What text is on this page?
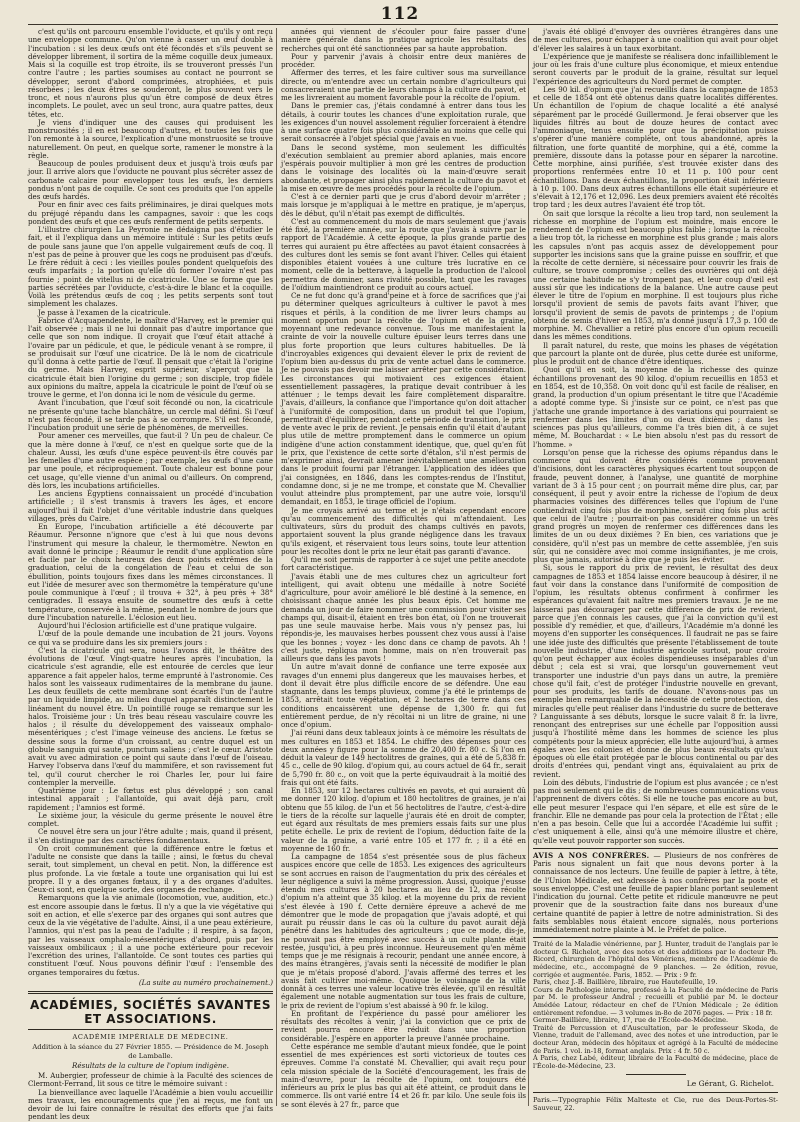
112

c'est qu'ils ont parcouru ensemble l'oviducte, et qu'ils y ont reçu une enveloppe commune. Qu'on vienne à casser un œuf double à l'incubation : si les deux œufs ont été fécondés et s'ils peuvent se développer librement, il sortira de la même coquille deux jumeaux. Mais si la coquille est trop étroite, ils se trouveront pressés l'un contre l'autre ; les parties soumises au contact ne pourront se développer, seront d'abord comprimées, atrophiées, et puis résorbées ; les deux êtres se souderont, le plus souvent vers le tronc, et nous n'aurons plus qu'un être composé de deux êtres incomplets. Le poulet, avec un seul tronc, aura quatre pattes, deux têtes, etc.

Je viens d'indiquer une des causes qui produisent les monstruosités ; il en est beaucoup d'autres, et toutes les fois que l'on remonte à la source, l'explication d'une monstruosité se trouve naturellement. On peut, en quelque sorte, ramener le monstre à la règle.

Beaucoup de poules produisent deux et jusqu'à trois œufs par jour. Il arrive alors que l'oviducte ne pouvant plus sécréter assez de carbonate calcaire pour envelopper tous les œufs, les derniers pondus n'ont pas de coquille. Ce sont ces produits que l'on appelle des œufs hardés.

Pour en finir avec ces faits préliminaires, je dirai quelques mots du préjugé répandu dans les campagnes, savoir : que les coqs pondent des œufs et que ces œufs renferment de petits serpents.

L'illustre chirurgien La Peyronie ne dédaigna pas d'étudier le fait, et il l'expliqua dans un mémoire intitulé : Sur les petits œufs de poule sans jaune que l'on appelle vulgairement œufs de coq. Il n'est pas de peine à prouver que les coqs ne produisent pas d'œufs. Le frère réduit à ceci : les vieilles poules pondent quelquefois des œufs imparfaits ; la portion qu'elle dû former l'ovaire n'est pas fournie ; point de vitellus ni de cicatricule. Une se forme que les parties sécrétées par l'oviducte, c'est-à-dire le blanc et la coquille. Voilà les prétendus œufs de coq ; les petits serpents sont tout simplement les chalazes.

Je passe à l'examen de la cicatricule.

Fabrice d'Acquapendente, le maître d'Harvey, est le premier qui l'ait observée ; mais il ne lui donnait pas d'autre importance que celle que son nom indique. Il croyait que l'œuf était attaché à l'ovaire par un pédicule, et que, le pédicule venant à se rompre, il se produisait sur l'œuf une cicatrice. De là le nom de cicatricule qu'il donna à cette partie de l'œuf. Il pensait que c'était là l'origine du germe. Mais Harvey, esprit supérieur, s'aperçut que la cicatricule était bien l'origine du germe ; son disciple, trop fidèle aux opinions du maître, appela la cicatricule le point de l'œuf où se trouve le germe, et l'on donna ici le nom de vésicule du germe.

Avant l'incubation, que l'œuf soit fécondé ou non, la cicatricule ne présente qu'une tache blanchâtre, un cercle mal défini. Si l'œuf n'est pas fécondé, il se tarde pas à se corrompre. S'il est fécondé, l'incubation produit une série de phénomènes, de merveilles.

Pour amener ces merveilles, que faut-il ? Un peu de chaleur. Ce que la mère donne à l'œuf, ce n'est en quelque sorte que de la chaleur. Aussi, les œufs d'une espèce peuvent-ils être couvés par les femelles d'une autre espèce ; par exemple, les œufs d'une cane par une poule, et réciproquement. Toute chaleur est bonne pour cet usage, qu'elle vienne d'un animal ou d'ailleurs. On comprend, dès lors, les incubations artificielles.

Les anciens Égyptiens connaissaient un procédé d'incubation artificielle ; il s'est transmis à travers les âges, et encore aujourd'hui il fait l'objet d'une véritable industrie dans quelques villages, près du Caire.

En Europe, l'incubation artificielle a été découverte par Réaumur. Personne n'ignore que c'est à lui que nous devons l'instrument qui mesure la chaleur, le thermomètre. Newton en avait donné le principe ; Réaumur le rendit d'une application sûre et facile par le choix heureux des deux points extrêmes de la graduation, celui de la congélation de l'eau et celui de son ébullition, points toujours fixes dans les mêmes circonstances. Il eut l'idée de mesurer avec son thermomètre la température qu'une poule communique à l'œuf ; il trouva + 32°, à peu près + 38° centigrades. Il essaya ensuite de soumettre des œufs à cette température, conservée à la même, pendant le nombre de jours que dure l'incubation naturelle. L'éclosion eut lieu.

Aujourd'hui l'éclosion artificielle est d'une pratique vulgaire.

L'œuf de la poule demande une incubation de 21 jours. Voyons ce qui va se produire dans les six premiers jours :

C'est la cicatricule qui sera, nous l'avons dit, le théâtre des évolutions de l'œuf. Vingt-quatre heures après l'incubation, la cicatricule s'est agrandie, elle est entourée de cercles que leur apparence a fait appeler halos, terme emprunté à l'astronomie. Ces halos sont les vaisseaux rudimentaires de la membrane du jaune. Les deux feuillets de cette membrane sont écartés l'un de l'autre par un liquide limpide, au milieu duquel apparaît distinctement le linéament du nouvel être. Un pointillé rouge se remarque sur les halos. Troisième jour : Un très beau réseau vasculaire couvre les halos ; il résulte du développement des vaisseaux omphalo-mésentériques ; c'est l'image veineuse des anciens. Le fœtus se dessine sous la forme d'un croissant, au centre duquel est un globule sanguin qui saute, punctum saliens ; c'est le cœur. Aristote avait vu avec admiration ce point qui saute dans l'œuf de l'oiseau. Harvey l'observa dans l'œuf du mammifère, et son ravissement fut tel, qu'il courut chercher le roi Charles Ier, pour lui faire contempler la merveille.

Quatrième jour : Le fœtus est plus développé ; son canal intestinal apparaît ; l'allantoïde, qui avait déjà paru, croît rapidement ; l'amnios est formé.

Le sixième jour, la vésicule du germe présente le nouvel être complet.

Ce nouvel être sera un jour l'être adulte ; mais, quand il présent, il s'en distingue par des caractères fondamentaux.

On croit communément que la différence entre le fœtus et l'adulte ne consiste que dans la taille ; ainsi, le fœtus du cheval serait, tout simplement, un cheval en petit. Non, la différence est plus profonde. La vie fœtale a toute une organisation qui lui est propre. Il y a des organes fœtaux, il y a des organes d'adultes. Ceux-ci sont, en quelque sorte, des organes de rechange.

Remarquons que la vie animale (locomotion, vue, audition, etc.) est encore assoupie dans le fœtus. Il n'y a que la vie végétative qui soit en action, et elle s'exerce par des organes qui sont autres que ceux de la vie végétative de l'adulte. Ainsi, il a une peau extérieure, l'amnios, qui n'est pas la peau de l'adulte ; il respire, à sa façon, par les vaisseaux omphalo-mésentériques d'abord, puis par les vaisseaux ombilicaux ; il a une poche extérieure pour recevoir l'excrétion des urines, l'allantoïde. Ce sont toutes ces parties qui constituent l'œuf. Nous pouvons définir l'œuf : l'ensemble des organes temporaires du fœtus.

(La suite au numéro prochainement.)
ACADÉMIES, SOCIÉTÉS SAVANTES ET ASSOCIATIONS.
ACADÉMIE IMPÉRIALE DE MÉDECINE.
Addition à la séance du 27 Février 1855. — Présidence de M. Joseph de Lamballe.
Résultats de la culture de l'opium indigène.

M. Aubergier, professeur de chimie à la Faculté des sciences de Clermont-Ferrand, lit sous ce titre le mémoire suivant :

La bienveillance avec laquelle l'Académie a bien voulu accueillir mes travaux, les encouragements que j'en ai reçus, me font un devoir de lui faire connaître le résultat des efforts que j'ai faits pendant les deux

années qui viennent de s'écouler pour faire passer d'une manière générale dans la pratique agricole les résultats des recherches qui ont été sanctionnées par sa haute approbation.

Pour y parvenir j'avais à choisir entre deux manières de procéder.

Affermer des terres, et les faire cultiver sous ma surveillance directe, ou m'entendre avec un certain nombre d'agriculteurs qui consacreraient une partie de leurs champs à la culture du pavot, et me les livreraient au moment favorable pour la récolte de l'opium.

Dans le premier cas, j'étais condamné à entrer dans tous les détails, à courir toutes les chances d'une exploitation rurale, que les exigences d'un nouvel assolement régulier forceraient à étendre à une surface quatre fois plus considérable au moins que celle qui serait consacrée à l'objet spécial que j'avais en vue.

Dans le second système, mon seulement les difficultés d'exécution semblaient au premier abord aplanies, mais encore j'espérais pouvoir multiplier à mon gré les centres de production dans le voisinage des localités où la main-d'œuvre serait abondante, et propager ainsi plus rapidement la culture du pavot et la mise en œuvre de mes procédés pour la récolte de l'opium.

C'est à ce dernier parti que je crus d'abord devoir m'arrêter ; mais lorsque je m'appliquai à le mettre en pratique, je m'aperçus, dès le début, qu'il n'était pas exempt de difficultés.

C'est au commencement du mois de mars seulement que j'avais été fixé, la première année, sur la route que j'avais à suivre par le rapport de l'Académie. À cette époque, la plus grande partie des terres qui auraient pu être affectées au pavot étaient consacrées à des cultures dont les semis se font avant l'hiver. Celles qui étaient disponibles étaient vouées à une culture très lucrative en ce moment, celle de la betterave, à laquelle la production de l'alcool permettra de dominer, sans rivalité possible, tant que les ravages de l'oïdium maintiendront ce produit au cours actuel.

Ce ne fut donc qu'à grand'peine et à force de sacrifices que j'ai pu déterminer quelques agriculteurs à cultiver le pavot à mes risques et périls, à la condition de me livrer leurs champs au moment opportun pour la récolte de l'opium et de la graine, moyennant une redevance convenue. Tous me manifestaient la crainte de voir la nouvelle culture épuiser leurs terres dans une plus forte proportion que leurs cultures habituelles. De là d'incroyables exigences qui devaient élever le prix de revient de l'opium bien au-dessus du prix de vente actuel dans le commerce. Je ne pouvais pas devoir me laisser arrêter par cette considération. Les circonstances qui motivaient ces exigences étaient essentiellement passagères, la pratique devait contribuer à les atténuer ; le temps devait les faire complètement disparaître. J'avais, d'ailleurs, la confiance que l'importance qu'on doit attacher à l'uniformité de composition, dans un produit tel que l'opium, permettrait d'équilibrer, pendant cette période de transition, le prix de vente avec le prix de revient. Je pensais enfin qu'il était d'autant plus utile de mettre promptement dans le commerce un opium indigène d'une action constamment identique, que, quel qu'en fût le prix, que l'existence de cette sorte d'étalon, s'il n'est permis de m'exprimer ainsi, devrait amener inévitablement une amélioration dans le produit fourni par l'étranger. L'application des idées que j'ai consignées, en 1846, dans les comptes-rendus de l'Institut, condamne donc, si je ne me trompe, et constate que M. Chevallier voulut atteindre plus promptement, par une autre voie, lorsqu'il demandait, en 1853, le tirage officiel de l'opium.

Je me croyais arrivé au terme et je n'étais cependant encore qu'au commencement des difficultés qui m'attendaient. Les cultivateurs, sûrs du produit des champs cultivés en pavots, apportaient souvent la plus grande négligence dans les travaux qu'ils exigent, et réservaient tous leurs soins, toute leur attention pour les récoltes dont le prix ne leur était pas garanti d'avance.

Qu'il me soit permis de rapporter à ce sujet une petite anecdote fort caractéristique.

J'avais établi une de mes cultures chez un agriculteur fort intelligent, qui avait obtenu une médaille à notre Société d'agriculture, pour avoir amélioré le blé destiné à la semence, en choisissant chaque année les plus beaux épis. Cet homme me demanda un jour de faire nommer une commission pour visiter ses champs qui, disait-il, étaient en très bon état, où l'on ne trouverait pas une seule mauvaise herbe. Mais vous n'y pensez pas, lui répondis-je, les mauvaises herbes poussent chez vous aussi à l'aise que les bonnes ; voyez - les donc dans ce champ de pavots. Ah ! c'est juste, répliqua mon homme, mais on n'en trouverait pas ailleurs que dans les pavots !

Un autre m'avait donné de confiance une terre exposée aux ravages d'un ennemi plus dangereux que les mauvaises herbes, et dont il devait être plus difficile encore de se défendre. Une eau stagnante, dans les temps pluvieux, comme j'a été le printemps de 1853, arrêtait toute végétation, et 2 hectares de terre dans ces conditions encaissèrent une dépense de 1,300 fr. qui fut entièrement perdue, de n'y récoltai ni un litre de graine, ni une once d'opium.

J'ai réuni dans deux tableaux joints à ce mémoire les résultats de mes cultures en 1853 et 1854. Le chiffre des dépenses pour ces deux années y figure pour la somme de 20,400 fr. 80 c. Si l'on en déduit la valeur de 149 hectolitres de graines, qui a été de 5,838 fr. 45 c., celle de 90 kilog. d'opium qui, au cours actuel de 64 fr., serait de 5,790 fr. 80 c., on voit que la perte équivaudrait à la moitié des frais qui ont été faits.

En 1853, sur 12 hectares cultivés en pavots, et qui auraient dû me donner 120 kilog. d'opium et 180 hectolitres de graines, je n'ai obtenu que 55 kilog. de l'un et 56 hectolitres de l'autre, c'est-à-dire le tiers de la récolte sur laquelle j'aurais été en droit de compter, eut égard aux résultats de mes premiers essais faits sur une plus petite échelle. Le prix de revient de l'opium, déduction faite de la valeur de la graine, a varié entre 105 et 177 fr. ; il a été en moyenne de 160 fr.

La campagne de 1854 s'est présentée sous de plus fâcheux auspices encore que celle de 1853. Les exigences des agriculteurs se sont accrues en raison de l'augmentation du prix des céréales et leur négligence a suivi la même progression. Aussi, quoique j'eusse étendu mes cultures à 20 hectares au lieu de 12, ma récolte d'opium n'a atteint que 35 kilog. et la moyenne du prix de revient s'est élevée à 190 f. Cette dernière épreuve a achevé de me démontrer que le mode de propagation que j'avais adopté, et qui aurait pu réussir dans le cas où la culture du pavot aurait déjà pénétré dans les habitudes des agriculteurs ; que ce mode, dis-je, ne pouvait pas être employé avec succès à un culte plante était restée, jusqu'ici, à peu près inconnue. Heureusement qu'en même temps que je me résignais à recourir, pendant une année encore, à des mains étrangères, j'avais senti la nécessité de modifier le plan que je m'étais proposé d'abord. J'avais affermé des terres et les avais fait cultiver moi-même. Quoique le voisinage de la ville donnât à ces terres une valeur locative très élevée, qu'il en résultât également une notable augmentation sur tous les frais de culture, le prix de revient de l'opium s'est abaissé à 90 fr. le kilog.

En profitant de l'expérience du passé pour améliorer les résultats des récoltes à venir, j'ai la conviction que ce prix de revient pourra encore être réduit dans une proportion considérable. J'espère en apporter la preuve l'année prochaine.

Cette espérance me semble d'autant mieux fondée, que le point essentiel de mes expériences est sorti victorieux de toutes ces épreuves. Comme l'a constaté M. Chevallier, qui avait reçu pour cela mission spéciale de la Société d'encouragement, les frais de main-d'œuvre, pour la récolte de l'opium, ont toujours été inférieurs au prix le plus bas qui ait été atteint, ce produit dans le commerce. Ils ont varié entre 14 et 26 fr. par kilo. Une seule fois ils se sont élevés à 27 fr., parce que

j'avais été obligé d'envoyer des ouvrières étrangères dans une de mes cultures, pour échapper à une coalition qui avait pour objet d'élever les salaires à un taux exorbitant.

L'expérience que je manifeste se réalisera donc infailliblement le jour où les frais d'une culture plus économique, et mieux entendue seront couverts par le produit de la graine, résultat sur lequel l'expérience des agriculteurs du Nord permet de compter.

Les 90 kil. d'opium que j'ai recueillis dans la campagne de 1853 et celle de 1854 ont été obtenus dans quatre localités différentes. Un échantillon de l'opium de chaque localité a été analysé séparément par le procédé Guillermond. Je ferai observer que les liquides filtrés au bout de douze heures de contact avec l'ammoniaque, tenus ensuite pour que la précipitation puisse s'opérer d'une manière complète, ont tous abandonné, après la filtration, une forte quantité de morphine, qui a été, comme la première, dissoute dans la potasse pour en séparer la narcotine. Cette morphine, ainsi purifiée, s'est trouvée exister dans des proportions renfermées entre 10 et 11 p. 100 pour cent échantillons. Dans deux échantillons, la proportion était inférieure à 10 p. 100. Dans deux autres échantillons elle était supérieure et s'élevait à 12,176 et 12,096. Les deux premiers avaient été récoltés trop tard ; les deux autres l'avaient été trop tôt.

On sait que lorsque la récolte a lieu trop tard, non seulement la richesse en morphine de l'opium est moindre, mais encore le rendement de l'opium est beaucoup plus faible ; lorsque la récolte a lieu trop tôt, la richesse en morphine est plus grande ; mais alors les capsules n'ont pas acquis assez de développement pour supporter les incisions sans que la graine puisse en souffrir, et que la récolte de cette dernière, si nécessaire pour couvrir les frais de culture, se trouve compromise ; celles des ouvrières qui ont déjà une certaine habitude ne s'y trompent pas, et leur coup d'œil est aussi sûr que les indications de la balance. Une autre cause peut élever le titre de l'opium en morphine. Il est toujours plus riche lorsqu'il provient de semis de pavots faits avant l'hiver, que lorsqu'il provient de semis de pavots de printemps ; de l'opium obtenu de semis d'hiver en 1853, m'a donné jusqu'à 17,3 p. 100 de morphine. M. Chevallier a retiré plus encore d'un opium recueilli dans les mêmes conditions.

Il paraît naturel, du reste, que moins les phases de végétation que parcourt la plante ont de durée, plus cette durée est uniforme, plus le produit ont de chance d'être identiques.

Quoi qu'il en soit, la moyenne de la richesse des quinze échantillons provenant des 90 kilog. d'opium recueillis en 1853 et en 1854, est de 10,358. On voit donc qu'il est facile de réaliser, en grand, la production d'un opium présentant le titre que l'Académie a adopté comme type. Si j'insiste sur ce point, ce n'est pas que j'attache une grande importance à des variations qui pourraient se renfermer dans les limites d'un ou deux dixièmes ; dans les sciences pas plus qu'ailleurs, comme l'a très bien dit, à ce sujet même, M. Bouchardat : « Le bien absolu n'est pas du ressort de l'homme. »

Lorsqu'on pense que la richesse des opiums répandus dans le commerce qui doivent être considérés comme provenant d'incisions, dont les caractères physiques écartent tout soupçon de fraude, peuvent donner, à l'analyse, une quantité de morphine variant de 3 à 15 pour cent ; on pourrait même dire plus, car, par conséquent, il peut y avoir entre la richesse de l'opium de deux pharmacies voisines des différences telles que l'opium de l'une contiendrait cinq fois plus de morphine, serait cinq fois plus actif que celui de l'autre ; pourrait-on pas considérer comme un très grand progrès un moyen de renfermer ces différences dans les limites de un ou deux dixièmes ? En bien, ces variations que je considère, qu'il n'est pas un membre de cette assemblée, j'en suis sûr, qui ne considère avec moi comme insignifiantes, je me crois, plus que jamais, autorisé à dire que je puis les éviter.

Si, sous le rapport du prix de revient, le résultat des deux campagnes de 1853 et 1854 laisse encore beaucoup à désirer, il ne faut voir dans la constance dans l'uniformité de composition de l'opium, les résultats obtenus confirment à confirmer les espérances qu'avaient fait naître mes premiers travaux. Je ne me laisserai pas décourager par cette différence de prix de revient, parce que j'en connais les causes, que j'ai la conviction qu'il est possible d'y remédier, et que, d'ailleurs, l'Académie m'a donné les moyens d'en supporter les conséquences. Il faudrait ne pas se faire une idée juste des difficultés que présente l'établissement de toute nouvelle industrie, d'une industrie agricole surtout, pour croire qu'on peut échapper aux écoles dispendieuses inséparables d'un début ; cela est si vrai, que lorsqu'un gouvernement veut transporter une industrie d'un pays dans un autre, la première chose qu'il fait, c'est de protéger l'industrie nouvelle en grevant, pour ses produits, les tarifs de douane. N'avons-nous pas un exemple bien remarquable de la nécessité de cette protection, des miracles qu'elle peut réaliser dans l'industrie du sucre de betterave ? Languissante à ses débuts, lorsque le sucre valait 8 fr. la livre, renonçant des entreprises sur une échelle par l'opposition aussi jusqu'à l'hostilité même dans les hommes de science les plus compétents pour la mieux apprécier, elle lutte aujourd'hui, à armes égales avec les colonies et donne de plus beaux résultats qu'aux époques où elle était protégée par le blocus continental ou par des droits d'entrées qui, pendant vingt ans, équivalaient au prix de revient.

Loin des débuts, l'industrie de l'opium est plus avancée ; ce n'est pas moi seulement qui le dis ; de nombreuses communications vous l'apprennent de divers côtés. Si elle ne touche pas encore au but, elle peut mesurer l'espace qui l'en sépare, et elle est sûre de le franchir. Elle ne demande pas pour cela la protection de l'État ; elle n'en a pas besoin. Celle que lui a accordée l'Académie lui suffit ; c'est uniquement à elle, ainsi qu'à une mémoire illustre et chère, qu'elle veut pouvoir rapporter son succès.

AVIS A NOS CONFRÈRES. — Plusieurs de nos confrères de Paris nous signalent un fait que nous devons porter à la connaissance de nos lecteurs. Une feuille de papier à lettre, à tête, de l'Union Médicale, est adressée à nos confrères par la poste et sous enveloppe. C'est une feuille de papier blanc portant seulement l'indication du journal. Cette petite et ridicule manœuvre ne peut provenir que de la soustraction faite dans nos bureaux d'une certaine quantité de papier à lettre de notre administration. Si des faits semblables nous étaient encore signalés, nous porterions immédiatement notre plainte à M. le Préfet de police.

Traité de la Maladie vénérienne, par J. Hunter, traduit de l'anglais par le docteur G. Richelot, avec des notes et des additions par le docteur Ph. Ricord, chirurgien de l'hôpital des Vénériens, membre de l'Académie de médecine, etc., accompagné de 9 planches. — 2e édition, revue, corrigée et augmentée. Paris, 1852. — Prix : 9 fr.

Paris, chez J.-B. Baillière, libraire, rue Hautefeuille, 19.

Cours de Pathologie interne, professé à la Faculté de médecine de Paris par M. le professeur Andral ; recueilli et publié par M. le docteur Amédée Latour, rédacteur en chef de l'Union Médicale ; 2e édition entièrement refondue. — 3 volumes in-8o de 2076 pages. — Prix : 18 fr.

Germer-Baillière, libraire, 17, rue de l'École-de-Médecine.

Traité de Percussion et d'Auscultation, par le professeur Skoda, de Vienne, traduit de l'allemand, avec des notes et une introduction, par le docteur Aran, médecin des hôpitaux et agrégé à la Faculté de médecine de Paris. 1 vol. in-18, format anglais. Prix : 4 fr. 50 c.

À Paris, chez Labé, éditeur, libraire de la Faculté de médecine, place de l'École-de-Médecine, 23.

Le Gérant, G. Richelot.
Paris.—Typographie Félix Malteste et Cie, rue des Deux-Portes-St-Sauveur, 22.
